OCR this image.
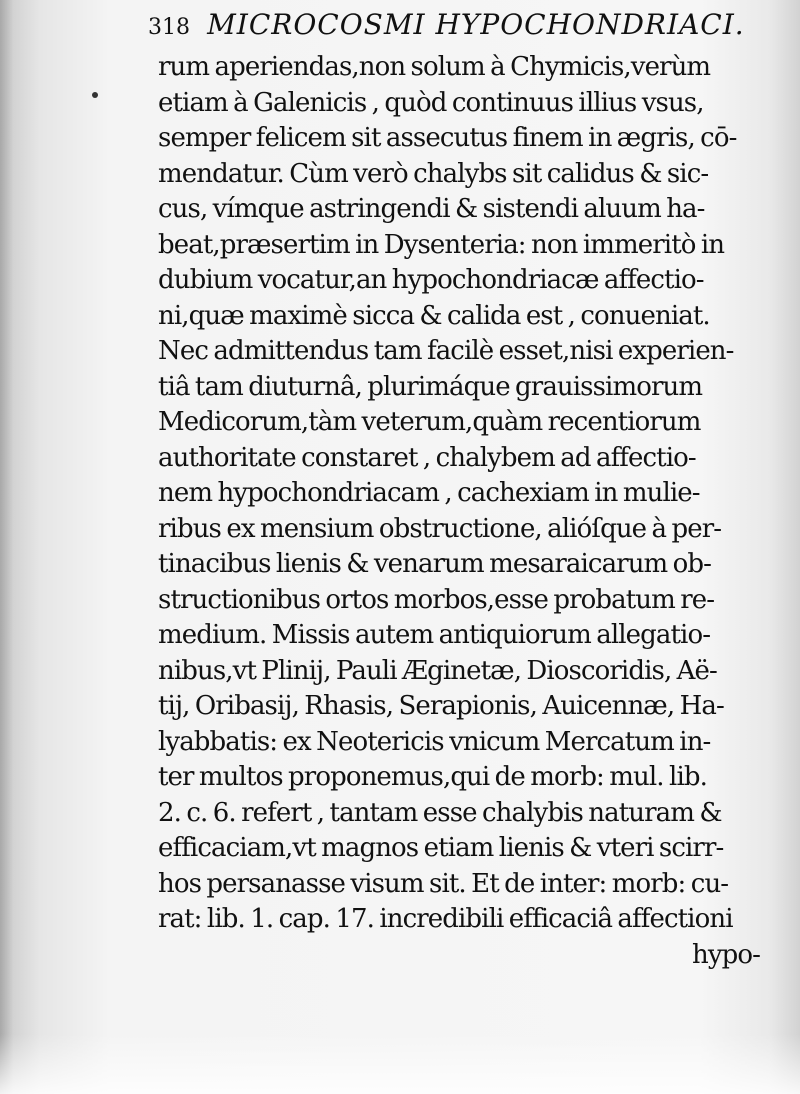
318 MICROCOSMI HYPOCHONDRIACI.
rum aperiendas,non solum à Chymicis,verùm
etiam à Galenicis , quòd continuus illius vsus,
semper felicem sit assecutus finem in ægris, cō-
mendatur. Cùm verò chalybs sit calidus & sic-
cus, vímque astringendi & sistendi aluum ha-
beat,præsertim in Dysenteria: non immeritò in
dubium vocatur,an hypochondriacæ affectio-
ni,quæ maximè sicca & calida est , conueniat.
Nec admittendus tam facilè esset,nisi experien-
tiâ tam diuturnâ, plurimáque grauissimorum
Medicorum,tàm veterum,quàm recentiorum
authoritate constaret , chalybem ad affectio-
nem hypochondriacam , cachexiam in mulie-
ribus ex mensium obstructione, alióſque à per-
tinacibus lienis & venarum mesaraicarum ob-
structionibus ortos morbos,esse probatum re-
medium. Missis autem antiquiorum allegatio-
nibus,vt Plinij, Pauli Æginetæ, Dioscoridis, Aë-
tij, Oribasij, Rhasis, Serapionis, Auicennæ, Ha-
lyabbatis: ex Neotericis vnicum Mercatum in-
ter multos proponemus,qui de morb: mul. lib.
2. c. 6. refert , tantam esse chalybis naturam &
efficaciam,vt magnos etiam lienis & vteri scirr-
hos persanasse visum sit. Et de inter: morb: cu-
rat: lib. 1. cap. 17. incredibili efficaciâ affectioni
hypo-
